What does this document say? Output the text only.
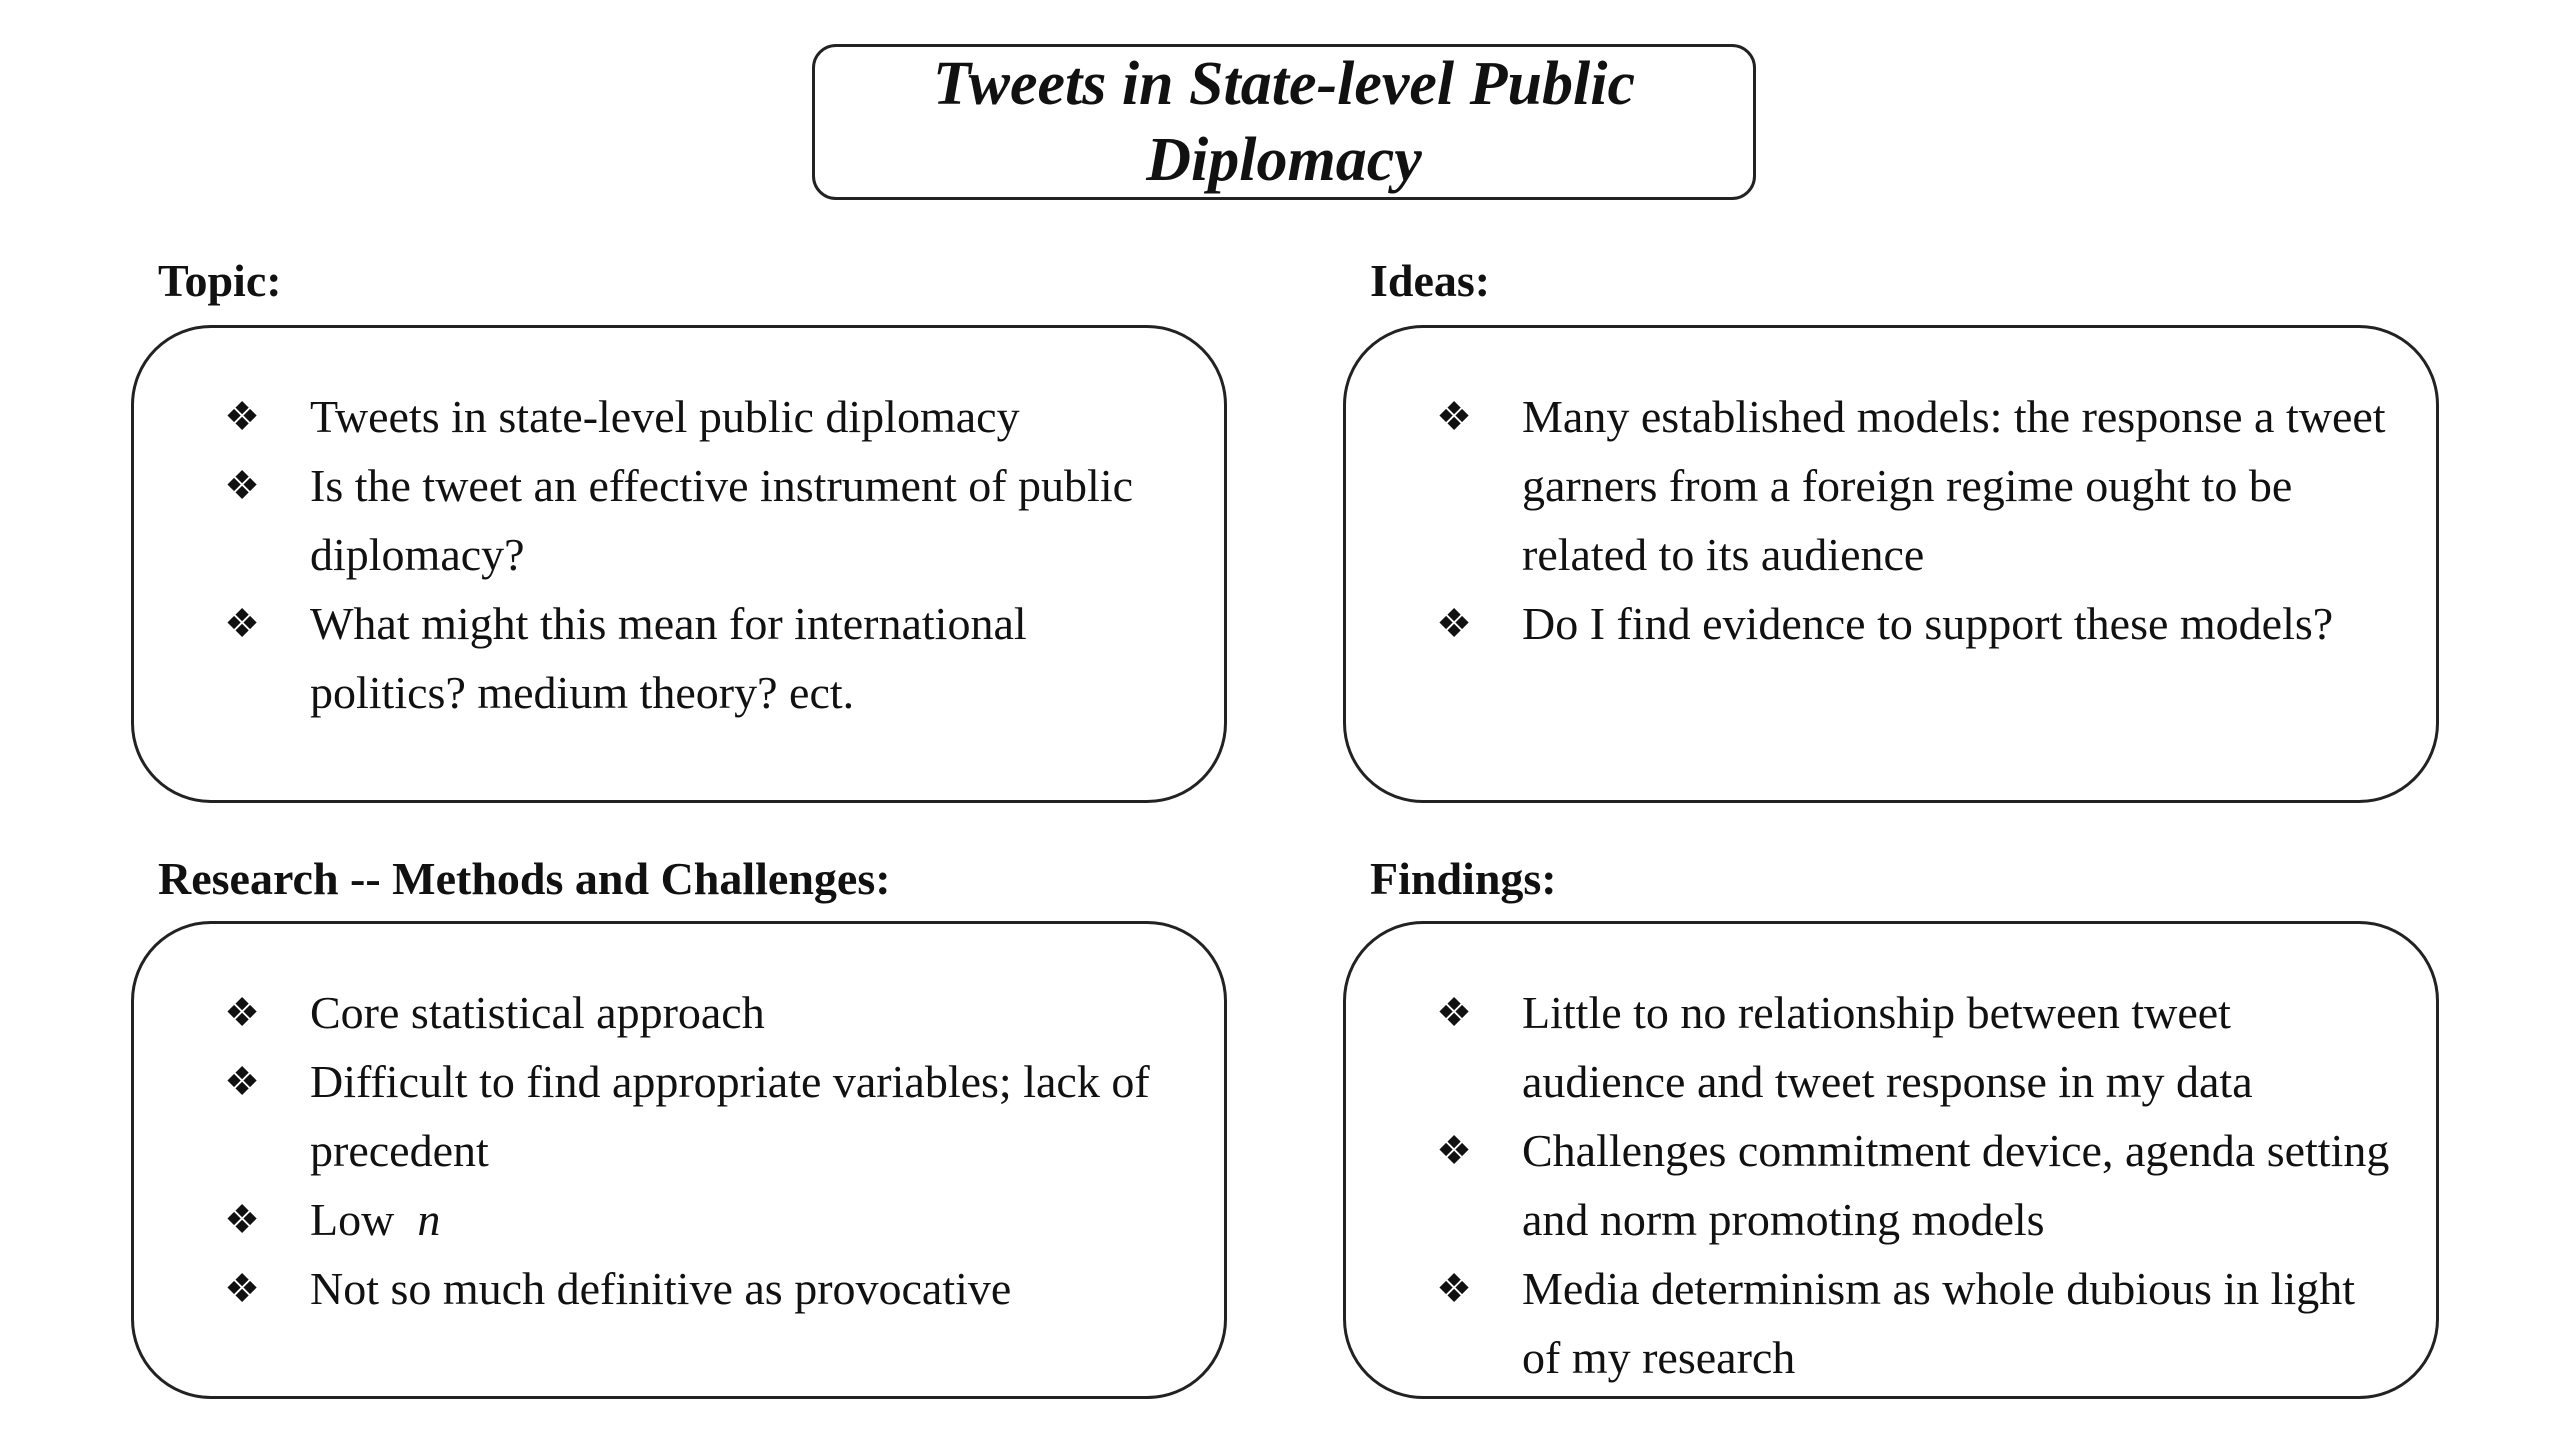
Tweets in State-level Public
Diplomacy
Topic:
❖ Tweets in state-level public diplomacy
❖ Is the tweet an effective instrument of public diplomacy?
❖ What might this mean for international politics? medium theory? ect.
Ideas:
❖ Many established models: the response a tweet garners from a foreign regime ought to be related to its audience
❖ Do I find evidence to support these models?
Research -- Methods and Challenges:
❖ Core statistical approach
❖ Difficult to find appropriate variables; lack of precedent
❖ Low  n
❖ Not so much definitive as provocative
Findings:
❖ Little to no relationship between tweet audience and tweet response in my data
❖ Challenges commitment device, agenda setting and norm promoting models
❖ Media determinism as whole dubious in light of my research
